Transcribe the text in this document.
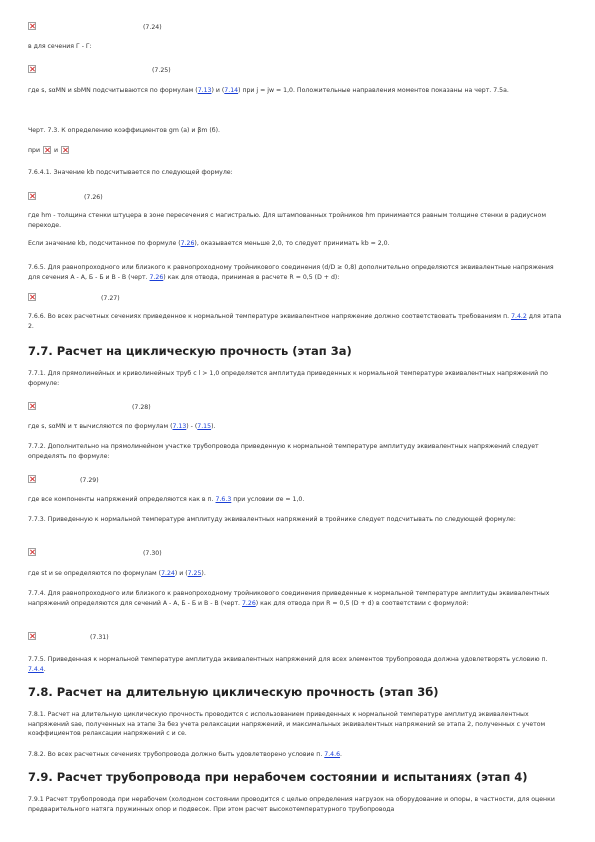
(7.24)
в для сечения Г - Г:
(7.25)
где s, sαMN и sbMN подсчитываются по формулам (7.13) и (7.14) при j = jw = 1,0. Положительные направления моментов показаны на черт. 7.5а.
Черт. 7.3. К определению коэффициентов gm (а) и βm (б).
при и
7.6.4.1. Значение kb подсчитывается по следующей формуле:
(7.26)
где hm - толщина стенки штуцера в зоне пересечения с магистралью. Для штампованных тройников hm принимается равным толщине стенки в радиусном переходе.
Если значение kb, подсчитанное по формуле (7.26), оказывается меньше 2,0, то следует принимать kb = 2,0.
7.6.5. Для равнопроходного или близкого к равнопроходному тройникового соединения (d/D ≥ 0,8) дополнительно определяются эквивалентные напряжения для сечения A - A, Б - Б и В - В (черт. 7.26) как для отвода, принимая в расчете R = 0,5 (D + d):
(7.27)
7.6.6. Во всех расчетных сечениях приведенное к нормальной температуре эквивалентное напряжение должно соответствовать требованиям п. 7.4.2 для этапа 2.
7.7. Расчет на циклическую прочность (этап 3а)
7.7.1. Для прямолинейных и криволинейных труб с l > 1,0 определяется амплитуда приведенных к нормальной температуре эквивалентных напряжений по формуле:
(7.28)
где s, sαMN и τ вычисляются по формулам (7.13) - (7.15).
7.7.2. Дополнительно на прямолинейном участке трубопровода приведенную к нормальной температуре амплитуду эквивалентных напряжений следует определять по формуле:
(7.29)
где все компоненты напряжений определяются как в п. 7.6.3 при условии σe = 1,0.
7.7.3. Приведенную к нормальной температуре амплитуду эквивалентных напряжений в тройнике следует подсчитывать по следующей формуле:
(7.30)
где st и se определяются по формулам (7.24) и (7.25).
7.7.4. Для равнопроходного или близкого к равнопроходному тройникового соединения приведенные к нормальной температуре амплитуды эквивалентных напряжений определяются для сечений A - A, Б - Б и В - В (черт. 7.26) как для отвода при R = 0,5 (D + d) в соответствии с формулой:
(7.31)
7.7.5. Приведенная к нормальной температуре амплитуда эквивалентных напряжений для всех элементов трубопровода должна удовлетворять условию п. 7.4.4.
7.8. Расчет на длительную циклическую прочность (этап 3б)
7.8.1. Расчет на длительную циклическую прочность проводится с использованием приведенных к нормальной температуре амплитуд эквивалентных напряжений sae, полученных на этапе 3а без учета релаксации напряжений, и максимальных эквивалентных напряжений se этапа 2, полученных с учетом коэффициентов релаксации напряжений с и се.
7.8.2. Во всех расчетных сечениях трубопровода должно быть удовлетворено условие п. 7.4.6.
7.9. Расчет трубопровода при нерабочем состоянии и испытаниях (этап 4)
7.9.1 Расчет трубопровода при нерабочем (холодном состоянии проводится с целью определения нагрузок на оборудование и опоры, в частности, для оценки предварительного натяга пружинных опор и подвесок. При этом расчет высокотемпературного трубопровода
